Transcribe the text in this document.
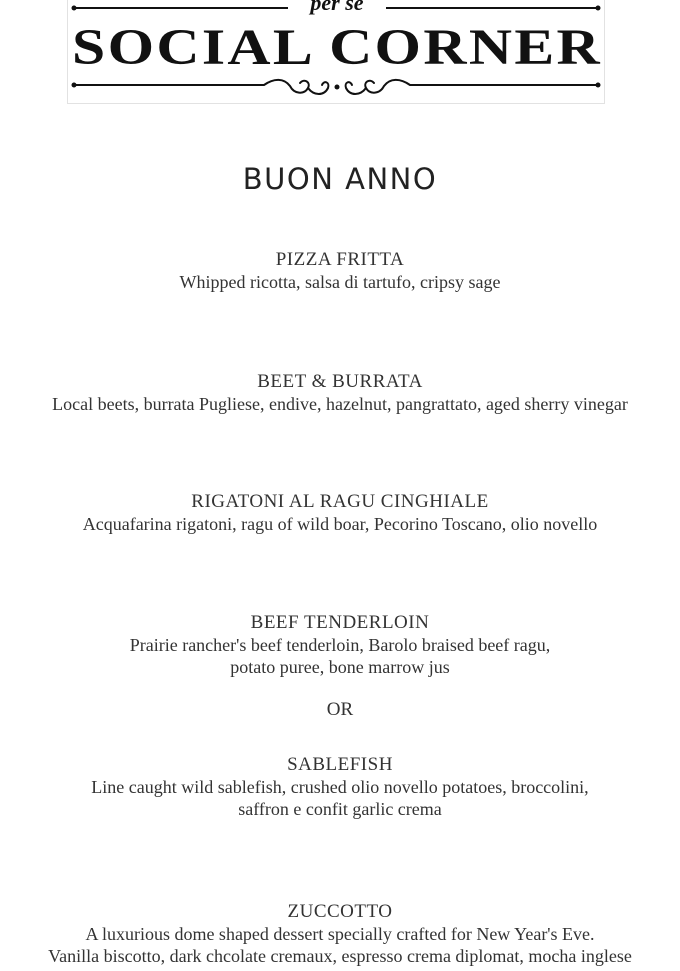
per se
SOCIAL CORNER
BUON ANNO
PIZZA FRITTA
Whipped ricotta, salsa di tartufo, cripsy sage
BEET & BURRATA
Local beets, burrata Pugliese, endive, hazelnut, pangrattato, aged sherry vinegar
RIGATONI AL RAGU CINGHIALE
Acquafarina rigatoni, ragu of wild boar, Pecorino Toscano, olio novello
BEEF TENDERLOIN
Prairie rancher's beef tenderloin, Barolo braised beef ragu,
potato puree, bone marrow jus
OR
SABLEFISH
Line caught wild sablefish, crushed olio novello potatoes, broccolini,
saffron e confit garlic crema
ZUCCOTTO
A luxurious dome shaped dessert specially crafted for New Year's Eve.
Vanilla biscotto, dark chcolate cremaux, espresso crema diplomat, mocha inglese
